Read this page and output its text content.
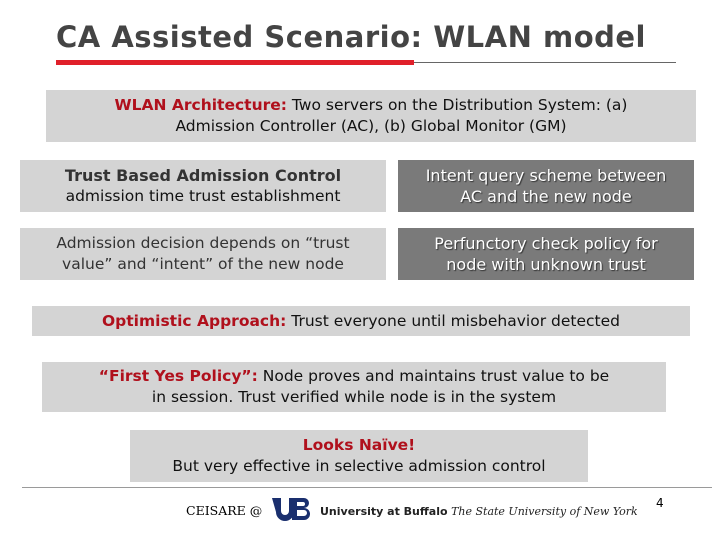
CA Assisted Scenario: WLAN model
WLAN Architecture: Two servers on the Distribution System: (a)
Admission Controller (AC), (b) Global Monitor (GM)
Trust Based Admission Control
admission time trust establishment
Intent query scheme between
AC and the new node
Admission decision depends on “trust
value” and “intent” of the new node
Perfunctory check policy for
node with unknown trust
Optimistic Approach: Trust everyone until misbehavior detected
“First Yes Policy”: Node proves and maintains trust value to be
in session. Trust verified while node is in the system
Looks Naïve!
But very effective in selective admission control
CEISARE @	University at Buffalo The State University of New York
4
